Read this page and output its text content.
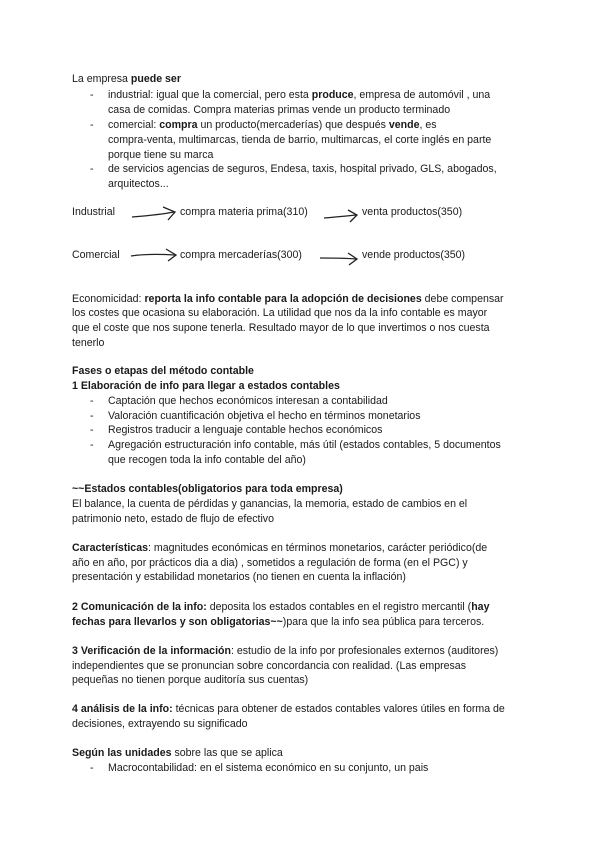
La empresa puede ser
- industrial: igual que la comercial, pero esta produce, empresa de automóvil , una
casa de comidas. Compra materias primas vende un producto terminado
- comercial: compra un producto(mercaderías) que después vende, es
compra-venta, multimarcas, tienda de barrio, multimarcas, el corte inglés en parte
porque tiene su marca
- de servicios agencias de seguros, Endesa, taxis, hospital privado, GLS, abogados,
arquitectos...
Industrial	compra materia prima(310)	venta productos(350)
Comercial	compra mercaderías(300)	vende productos(350)
Economicidad: reporta la info contable para la adopción de decisiones debe compensar
los costes que ocasiona su elaboración. La utilidad que nos da la info contable es mayor
que el coste que nos supone tenerla. Resultado mayor de lo que invertimos o nos cuesta
tenerlo
Fases o etapas del método contable
1 Elaboración de info para llegar a estados contables
- Captación que hechos económicos interesan a contabilidad
- Valoración cuantificación objetiva el hecho en términos monetarios
- Registros traducir a lenguaje contable hechos económicos
- Agregación estructuración info contable, más útil (estados contables, 5 documentos
que recogen toda la info contable del año)
~~Estados contables(obligatorios para toda empresa)
El balance, la cuenta de pérdidas y ganancias, la memoria, estado de cambios en el
patrimonio neto, estado de flujo de efectivo
Características: magnitudes económicas en términos monetarios, carácter periódico(de
año en año, por prácticos dia a dia) , sometidos a regulación de forma (en el PGC) y
presentación y estabilidad monetarios (no tienen en cuenta la inflación)
2 Comunicación de la info: deposita los estados contables en el registro mercantil (hay
fechas para llevarlos y son obligatorias~~)para que la info sea pública para terceros.
3 Verificación de la información: estudio de la info por profesionales externos (auditores)
independientes que se pronuncian sobre concordancia con realidad. (Las empresas
pequeñas no tienen porque auditoría sus cuentas)
4 análisis de la info: técnicas para obtener de estados contables valores útiles en forma de
decisiones, extrayendo su significado
Según las unidades sobre las que se aplica
- Macrocontabilidad: en el sistema económico en su conjunto, un pais
